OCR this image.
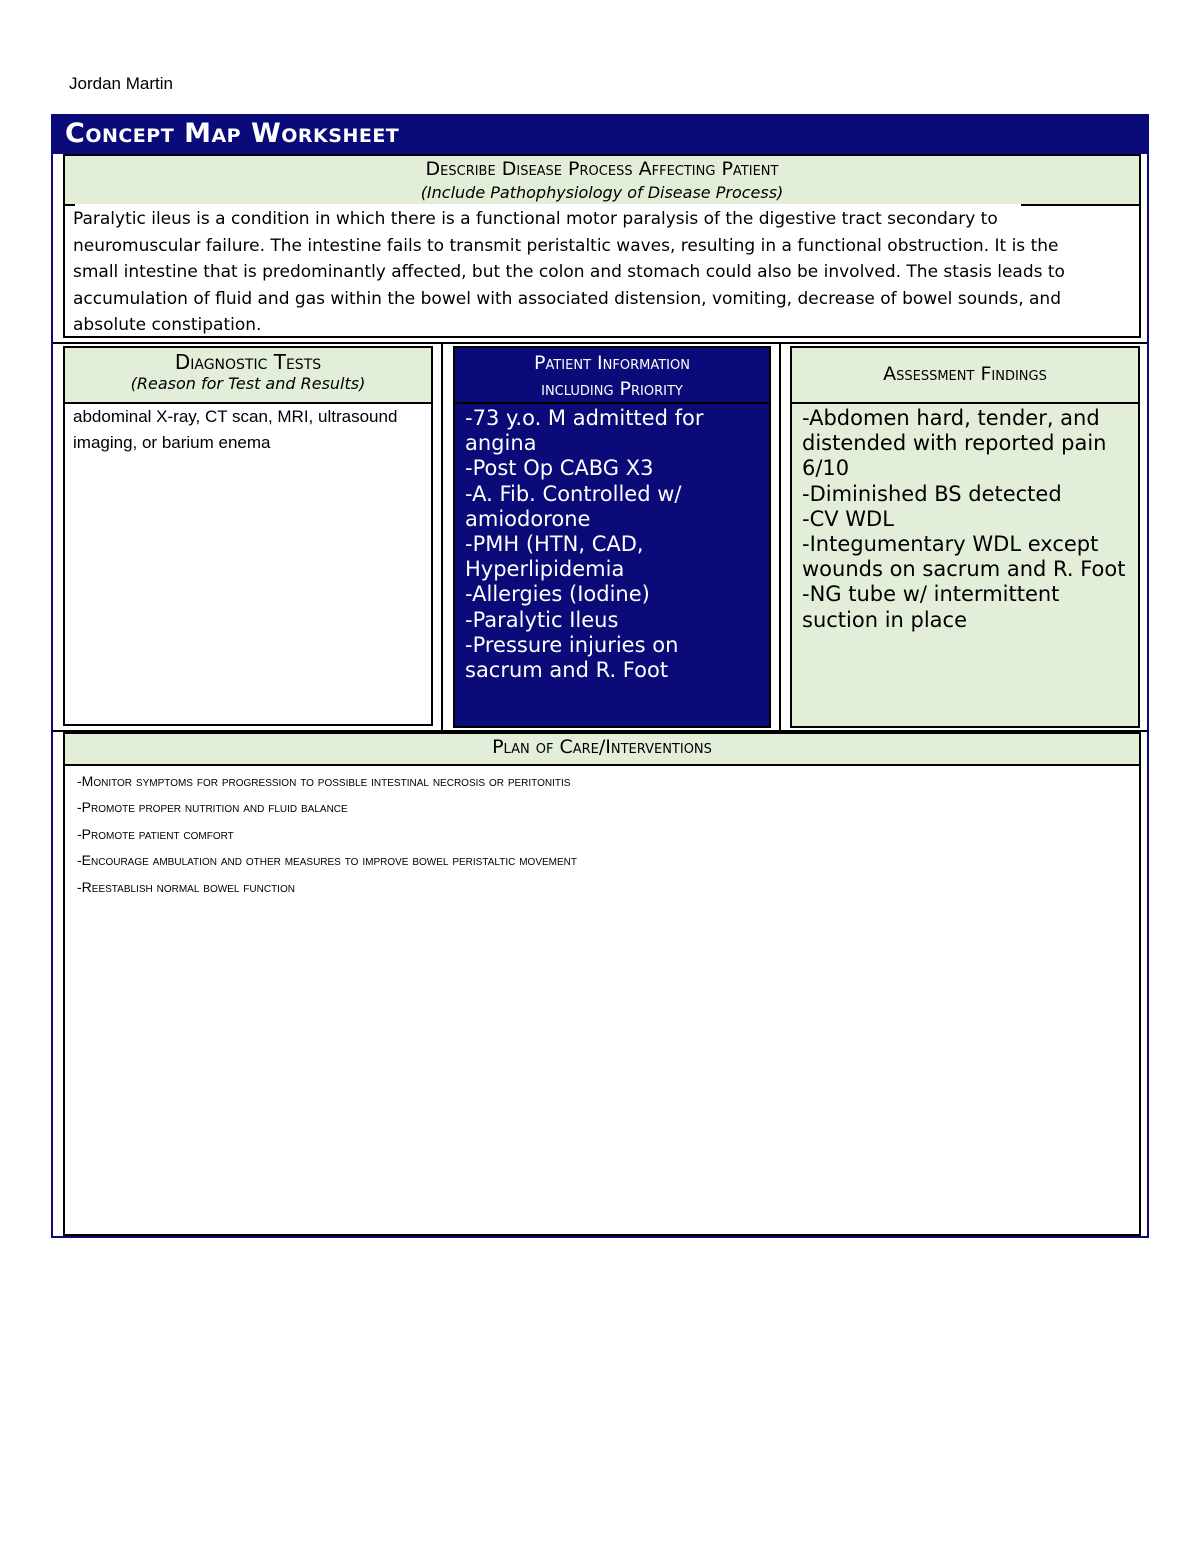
Jordan Martin
Concept Map Worksheet
Describe Disease Process Affecting Patient
(Include Pathophysiology of Disease Process)
Paralytic ileus is a condition in which there is a functional motor paralysis of the digestive tract secondary to neuromuscular failure. The intestine fails to transmit peristaltic waves, resulting in a functional obstruction. It is the small intestine that is predominantly affected, but the colon and stomach could also be involved. The stasis leads to accumulation of fluid and gas within the bowel with associated distension, vomiting, decrease of bowel sounds, and absolute constipation.
Diagnostic Tests
(Reason for Test and Results)
abdominal X-ray, CT scan, MRI, ultrasound imaging, or barium enema
Patient Information
including Priority
-73 y.o. M admitted for angina
-Post Op CABG X3
-A. Fib. Controlled w/ amiodorone
-PMH (HTN, CAD, Hyperlipidemia
-Allergies (Iodine)
-Paralytic Ileus
-Pressure injuries on sacrum and R. Foot
Assessment Findings
-Abdomen hard, tender, and distended with reported pain 6/10
-Diminished BS detected
-CV WDL
-Integumentary WDL except wounds on sacrum and R. Foot
-NG tube w/ intermittent suction in place
Plan of Care/Interventions
-Monitor symptoms for progression to possible intestinal necrosis or peritonitis
-Promote proper nutrition and fluid balance
-Promote patient comfort
-Encourage ambulation and other measures to improve bowel peristaltic movement
-Reestablish normal bowel function
